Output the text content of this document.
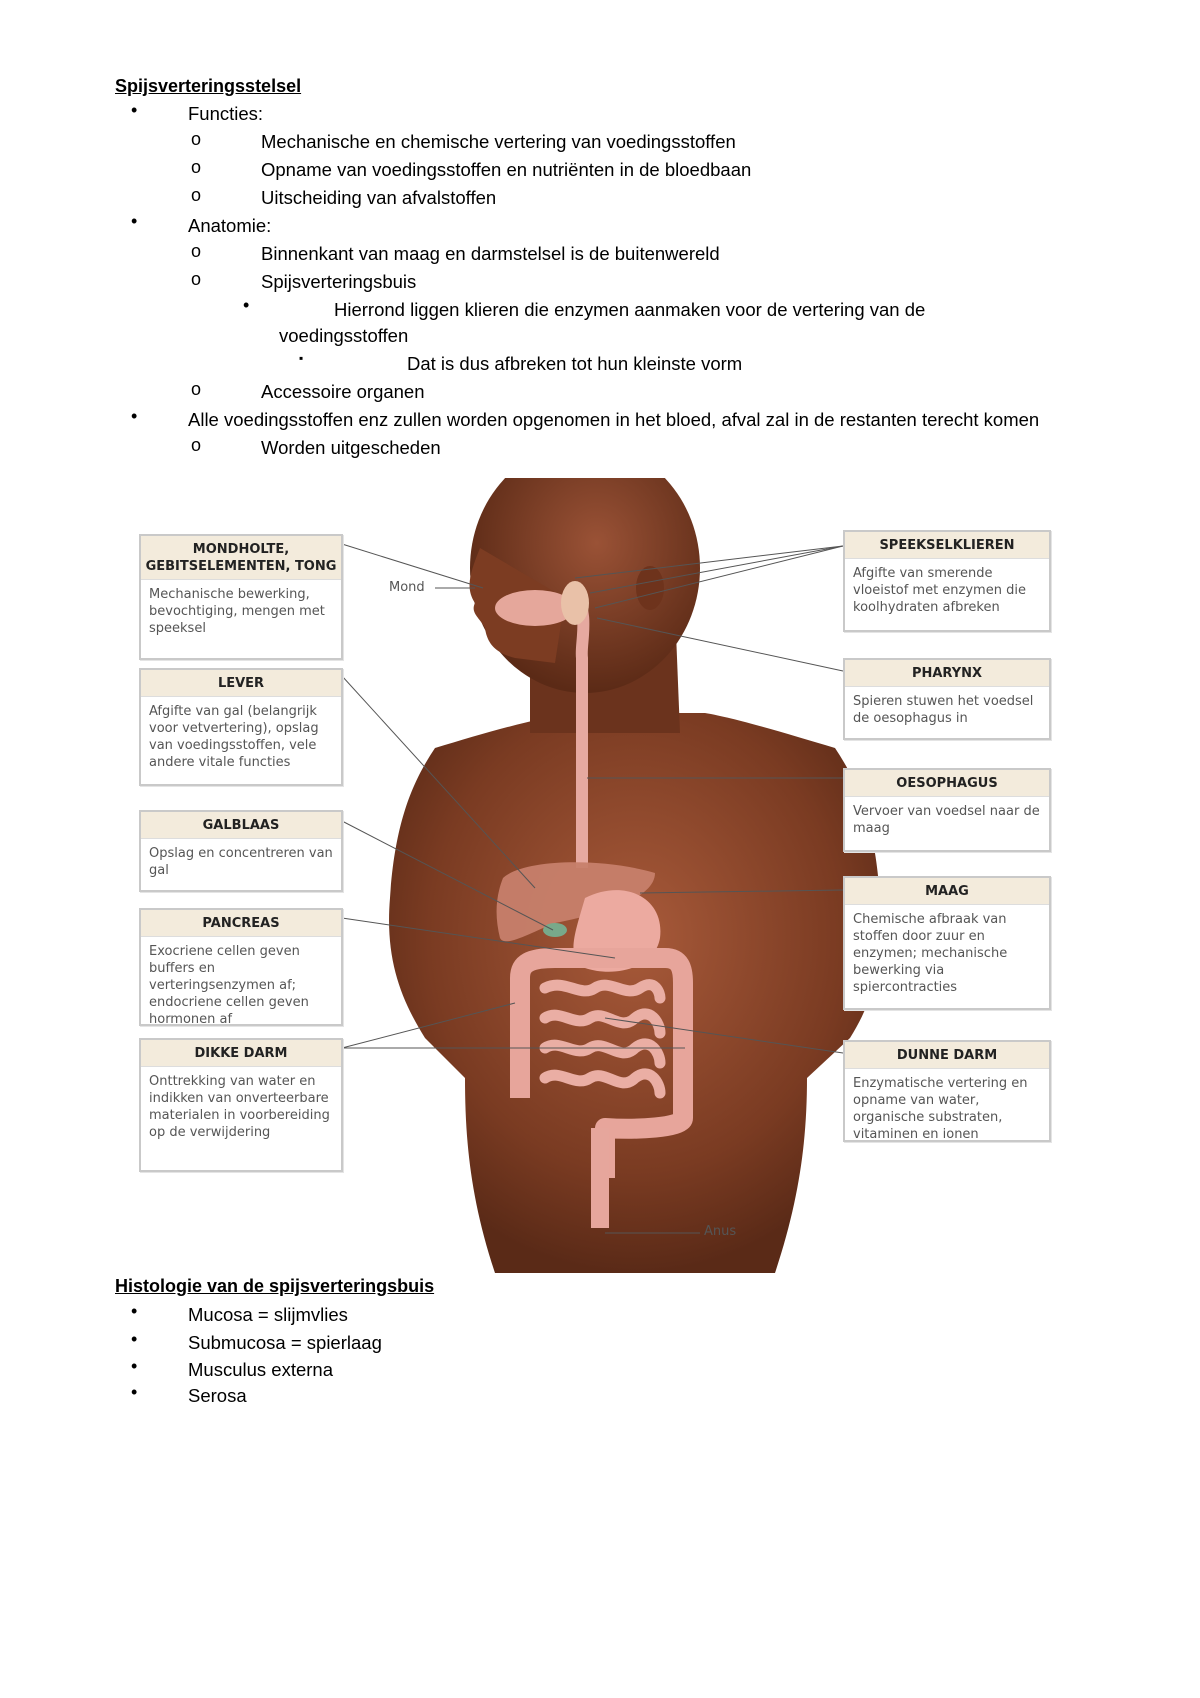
Spijsverteringsstelsel
•	Functies:
o	Mechanische en chemische vertering van voedingsstoffen
o	Opname van voedingsstoffen en nutriënten in de bloedbaan
o	Uitscheiding van afvalstoffen
•	Anatomie:
o	Binnenkant van maag en darmstelsel is de buitenwereld
o	Spijsverteringsbuis
•	Hierrond liggen klieren die enzymen aanmaken voor de vertering van de
voedingsstoffen
▪	Dat is dus afbreken tot hun kleinste vorm
o	Accessoire organen
•	Alle voedingsstoffen enz zullen worden opgenomen in het bloed, afval zal in de restanten terecht komen
o	Worden uitgescheden
Mond
Anus
MONDHOLTE, GEBITSELEMENTEN, TONG
Mechanische bewerking, bevochtiging, mengen met speeksel
LEVER
Afgifte van gal (belangrijk voor vetvertering), opslag van voedingsstoffen, vele andere vitale functies
GALBLAAS
Opslag en concentreren van gal
PANCREAS
Exocriene cellen geven buffers en verteringsenzymen af; endocriene cellen geven hormonen af
DIKKE DARM
Onttrekking van water en indikken van onverteerbare materialen in voorbereiding op de verwijdering
SPEEKSELKLIEREN
Afgifte van smerende vloeistof met enzymen die koolhydraten afbreken
PHARYNX
Spieren stuwen het voedsel de oesophagus in
OESOPHAGUS
Vervoer van voedsel naar de maag
MAAG
Chemische afbraak van stoffen door zuur en enzymen; mechanische bewerking via spiercontracties
DUNNE DARM
Enzymatische vertering en opname van water, organische substraten, vitaminen en ionen
Histologie van de spijsverteringsbuis
•	Mucosa = slijmvlies
•	Submucosa = spierlaag
•	Musculus externa
•	Serosa
